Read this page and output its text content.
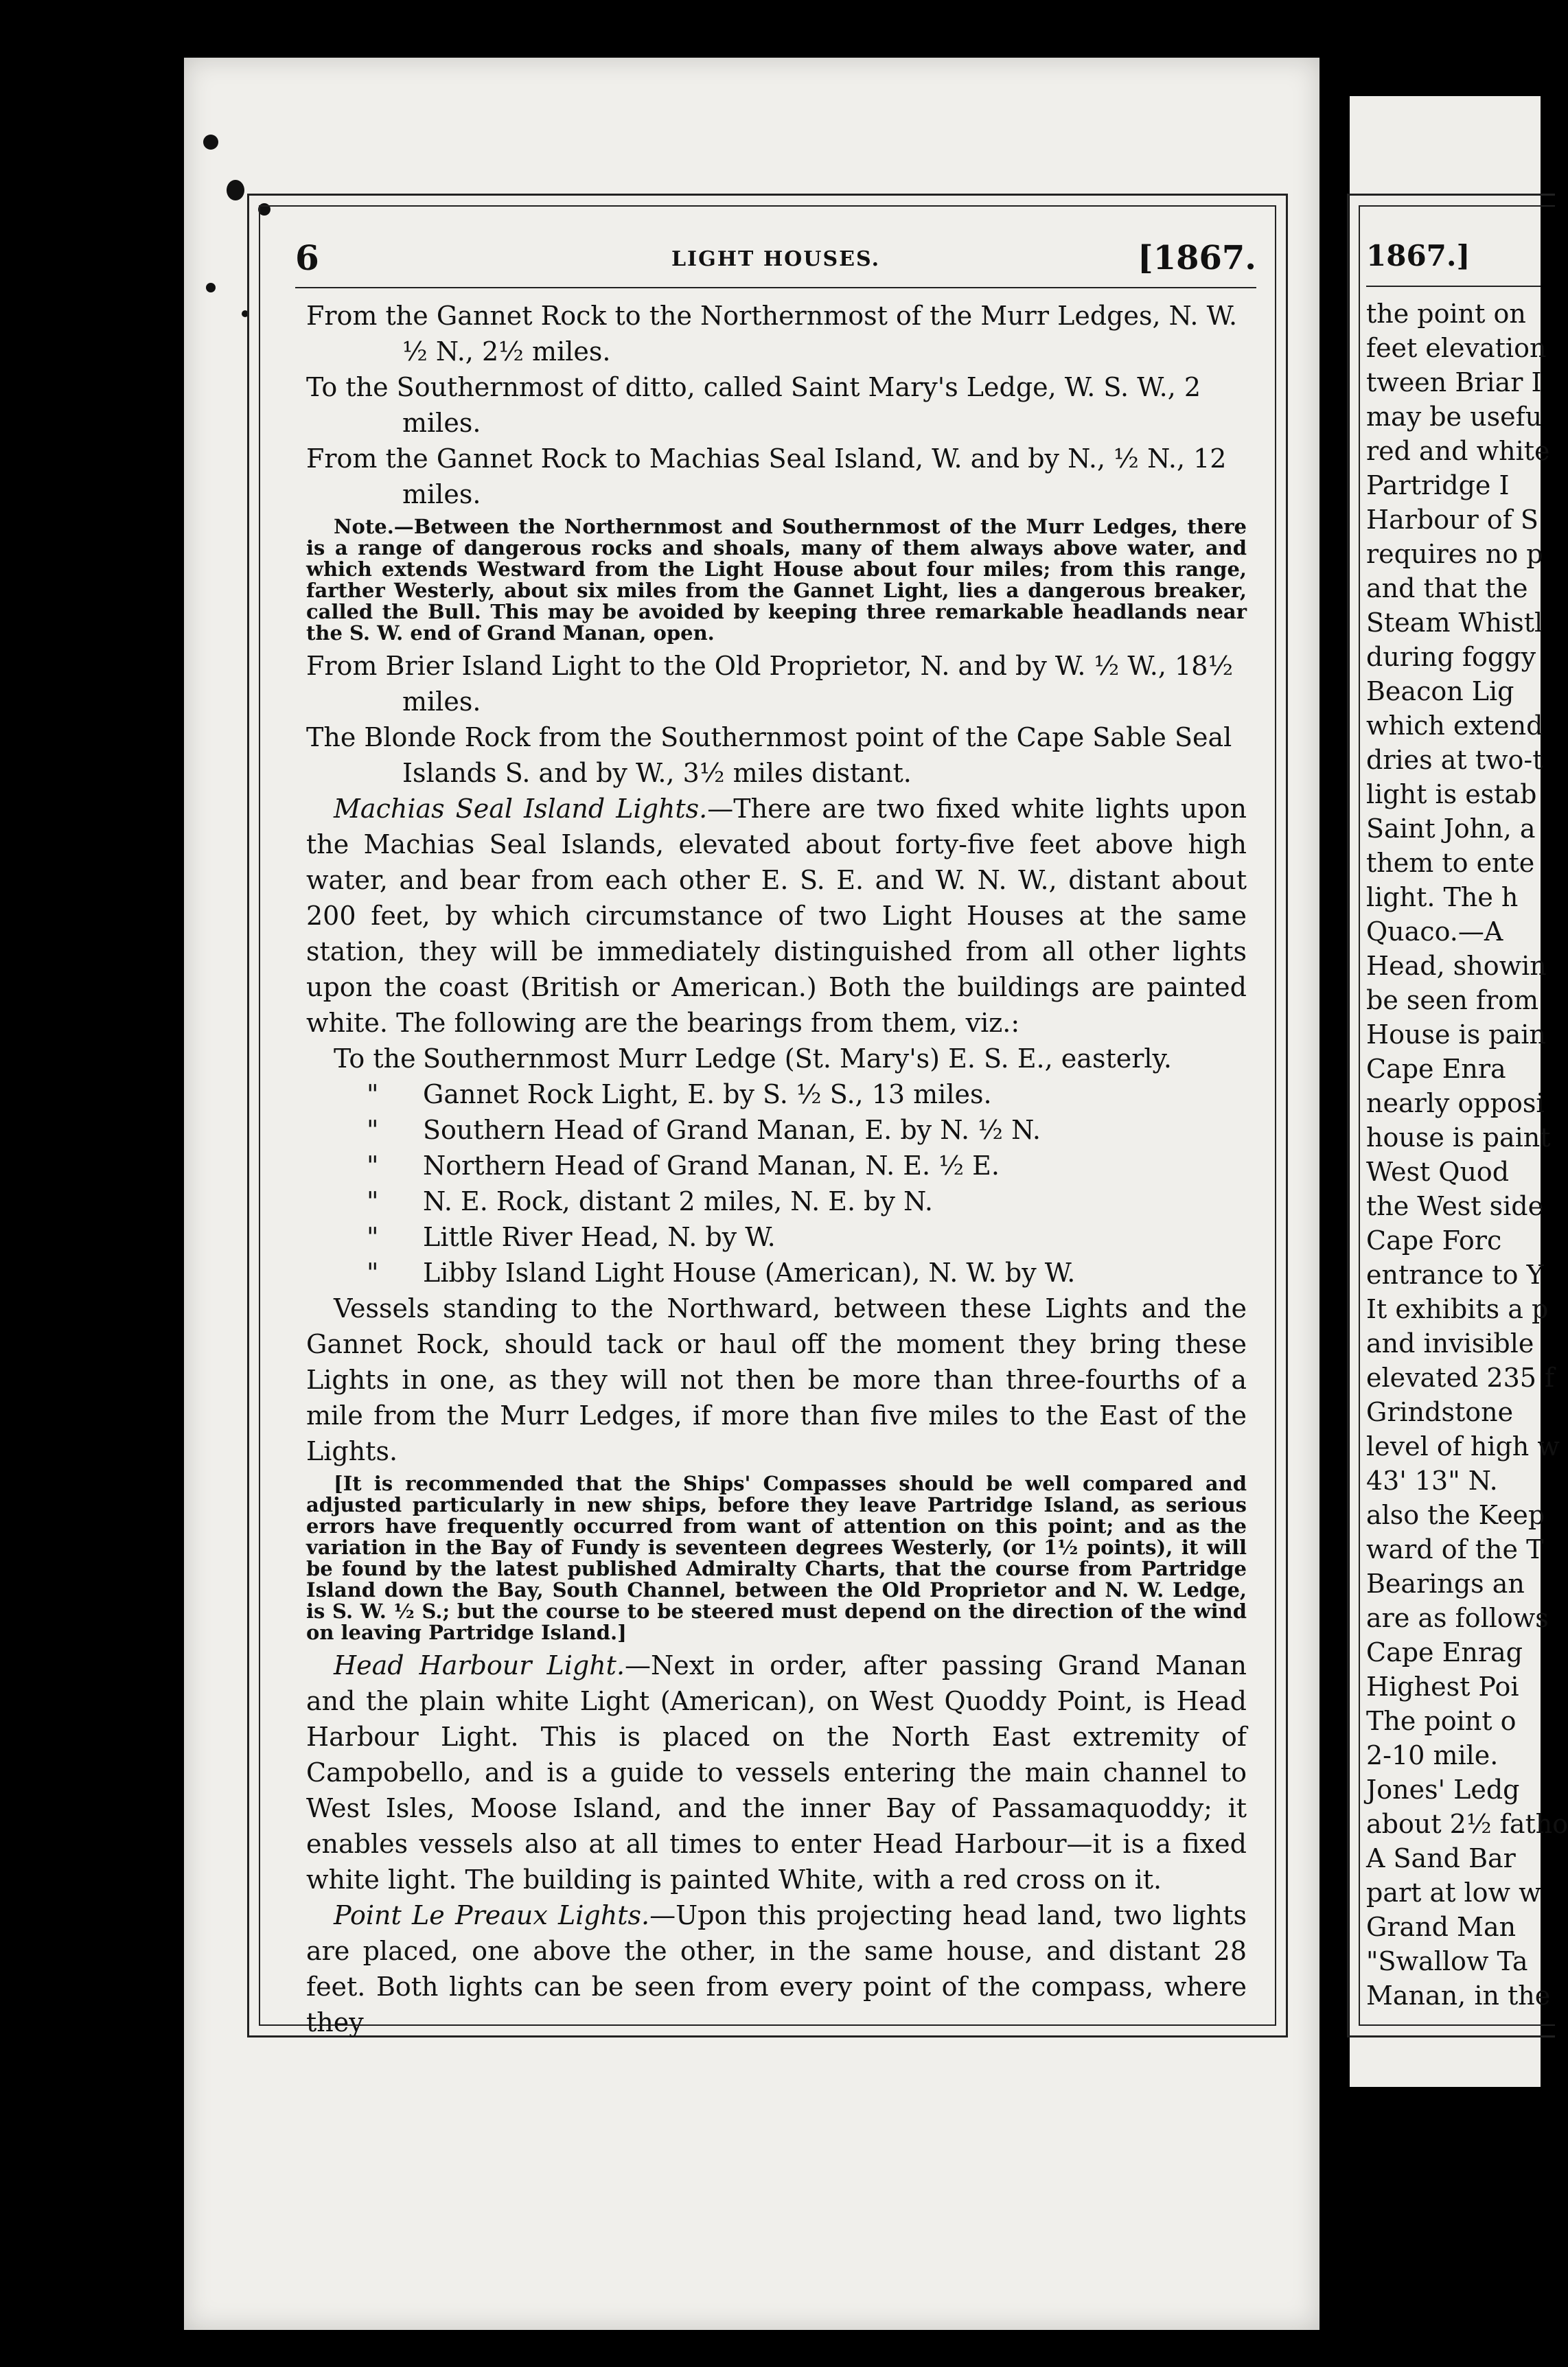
6	LIGHT HOUSES.	[1867.

From the Gannet Rock to the Northernmost of the Murr Ledges, N. W. ½ N., 2½ miles.

To the Southernmost of ditto, called Saint Mary's Ledge, W. S. W., 2 miles.

From the Gannet Rock to Machias Seal Island, W. and by N., ½ N., 12 miles.

Note.—Between the Northernmost and Southernmost of the Murr Ledges, there is a range of dangerous rocks and shoals, many of them always above water, and which extends Westward from the Light House about four miles; from this range, farther Westerly, about six miles from the Gannet Light, lies a dangerous breaker, called the Bull. This may be avoided by keeping three remarkable headlands near the S. W. end of Grand Manan, open.

From Brier Island Light to the Old Proprietor, N. and by W. ½ W., 18½ miles.

The Blonde Rock from the Southernmost point of the Cape Sable Seal Islands S. and by W., 3½ miles distant.

Machias Seal Island Lights.—There are two fixed white lights upon the Machias Seal Islands, elevated about forty-five feet above high water, and bear from each other E. S. E. and W. N. W., distant about 200 feet, by which circumstance of two Light Houses at the same station, they will be immediately distinguished from all other lights upon the coast (British or American.) Both the buildings are painted white. The following are the bearings from them, viz.:

To the Southernmost Murr Ledge (St. Mary's) E. S. E., easterly.
" Gannet Rock Light, E. by S. ½ S., 13 miles.
" Southern Head of Grand Manan, E. by N. ½ N.
" Northern Head of Grand Manan, N. E. ½ E.
" N. E. Rock, distant 2 miles, N. E. by N.
" Little River Head, N. by W.
" Libby Island Light House (American), N. W. by W.

Vessels standing to the Northward, between these Lights and the Gannet Rock, should tack or haul off the moment they bring these Lights in one, as they will not then be more than three-fourths of a mile from the Murr Ledges, if more than five miles to the East of the Lights.

[It is recommended that the Ships' Compasses should be well compared and adjusted particularly in new ships, before they leave Partridge Island, as serious errors have frequently occurred from want of attention on this point; and as the variation in the Bay of Fundy is seventeen degrees Westerly, (or 1½ points), it will be found by the latest published Admiralty Charts, that the course from Partridge Island down the Bay, South Channel, between the Old Proprietor and N. W. Ledge, is S. W. ½ S.; but the course to be steered must depend on the direction of the wind on leaving Partridge Island.]

Head Harbour Light.—Next in order, after passing Grand Manan and the plain white Light (American), on West Quoddy Point, is Head Harbour Light. This is placed on the North East extremity of Campobello, and is a guide to vessels entering the main channel to West Isles, Moose Island, and the inner Bay of Passamaquoddy; it enables vessels also at all times to enter Head Harbour—it is a fixed white light. The building is painted White, with a red cross on it.

Point Le Preaux Lights.—Upon this projecting head land, two lights are placed, one above the other, in the same house, and distant 28 feet. Both lights can be seen from every point of the compass, where they

1867.]
the point on
feet elevation
tween Briar I
may be usefu
red and white
Partridge I
Harbour of S
requires no p
and that the
Steam Whistl
during foggy
Beacon Lig
which extend
dries at two-t
light is estab
Saint John, a
them to ente
light. The h
Quaco.—A
Head, showin
be seen from
House is pain
Cape Enra
nearly opposi
house is paint
West Quod
the West side
Cape Forc
entrance to Y
It exhibits a p
and invisible
elevated 235 f
Grindstone
level of high w
43' 13" N.
also the Keep
ward of the T
Bearings an
are as follows
Cape Enrag
Highest Poi
The point o
2-10 mile.
Jones' Ledg
about 2½ fatho
A Sand Bar
part at low w
Grand Man
"Swallow Ta
Manan, in the
